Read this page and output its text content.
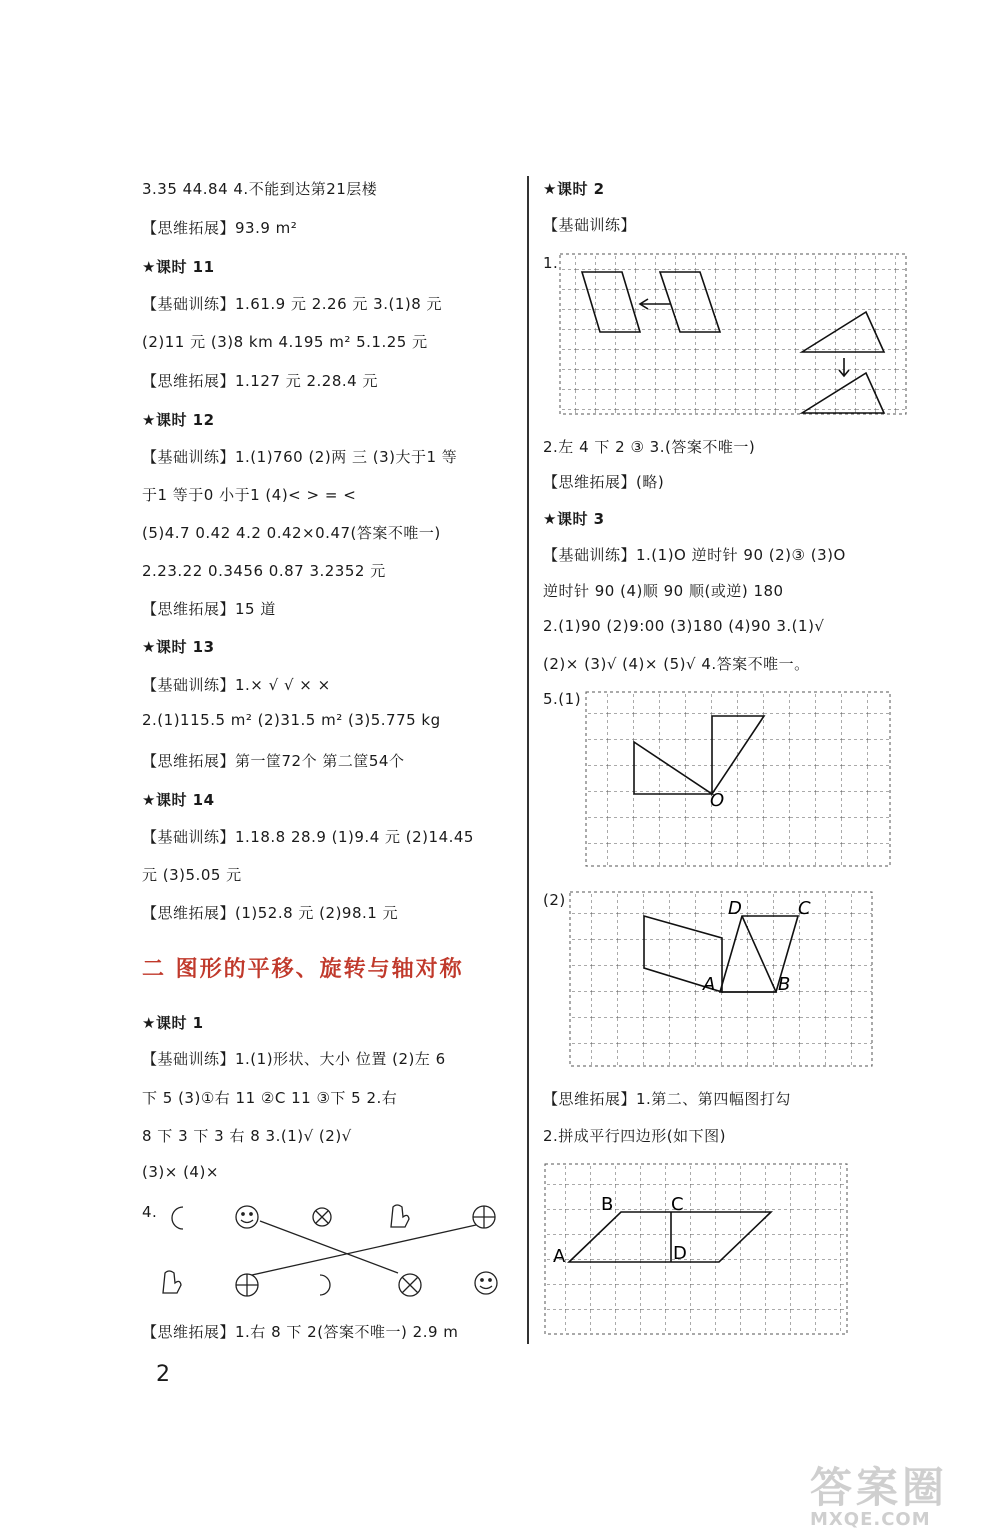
3.35 44.84 4.不能到达第21层楼
【思维拓展】93.9 m²
★课时 11
【基础训练】1.61.9 元 2.26 元 3.(1)8 元
(2)11 元 (3)8 km 4.195 m² 5.1.25 元
【思维拓展】1.127 元 2.28.4 元
★课时 12
【基础训练】1.(1)760 (2)两 三 (3)大于1 等
于1 等于0 小于1 (4)< > = <
(5)4.7 0.42 4.2 0.42×0.47(答案不唯一)
2.23.22 0.3456 0.87 3.2352 元
【思维拓展】15 道
★课时 13
【基础训练】1.× √ √ × ×
2.(1)115.5 m² (2)31.5 m² (3)5.775 kg
【思维拓展】第一筐72个 第二筐54个
★课时 14
【基础训练】1.18.8 28.9 (1)9.4 元 (2)14.45
元 (3)5.05 元
【思维拓展】(1)52.8 元 (2)98.1 元
二 图形的平移、旋转与轴对称
★课时 1
【基础训练】1.(1)形状、大小 位置 (2)左 6
下 5 (3)①右 11 ②C 11 ③下 5 2.右
8 下 3 下 3 右 8 3.(1)√ (2)√
(3)× (4)×
4.
【思维拓展】1.右 8 下 2(答案不唯一) 2.9 m
2
★课时 2
【基础训练】
1.
2.左 4 下 2 ③ 3.(答案不唯一)
【思维拓展】(略)
★课时 3
【基础训练】1.(1)O 逆时针 90 (2)③ (3)O
逆时针 90 (4)顺 90 顺(或逆) 180
2.(1)90 (2)9:00 (3)180 (4)90 3.(1)√
(2)× (3)√ (4)× (5)√ 4.答案不唯一。
5.(1)
(2)
【思维拓展】1.第二、第四幅图打勾
2.拼成平行四边形(如下图)
O
D	C
A	B
B	C
A	D
答案圈
MXQE.COM
